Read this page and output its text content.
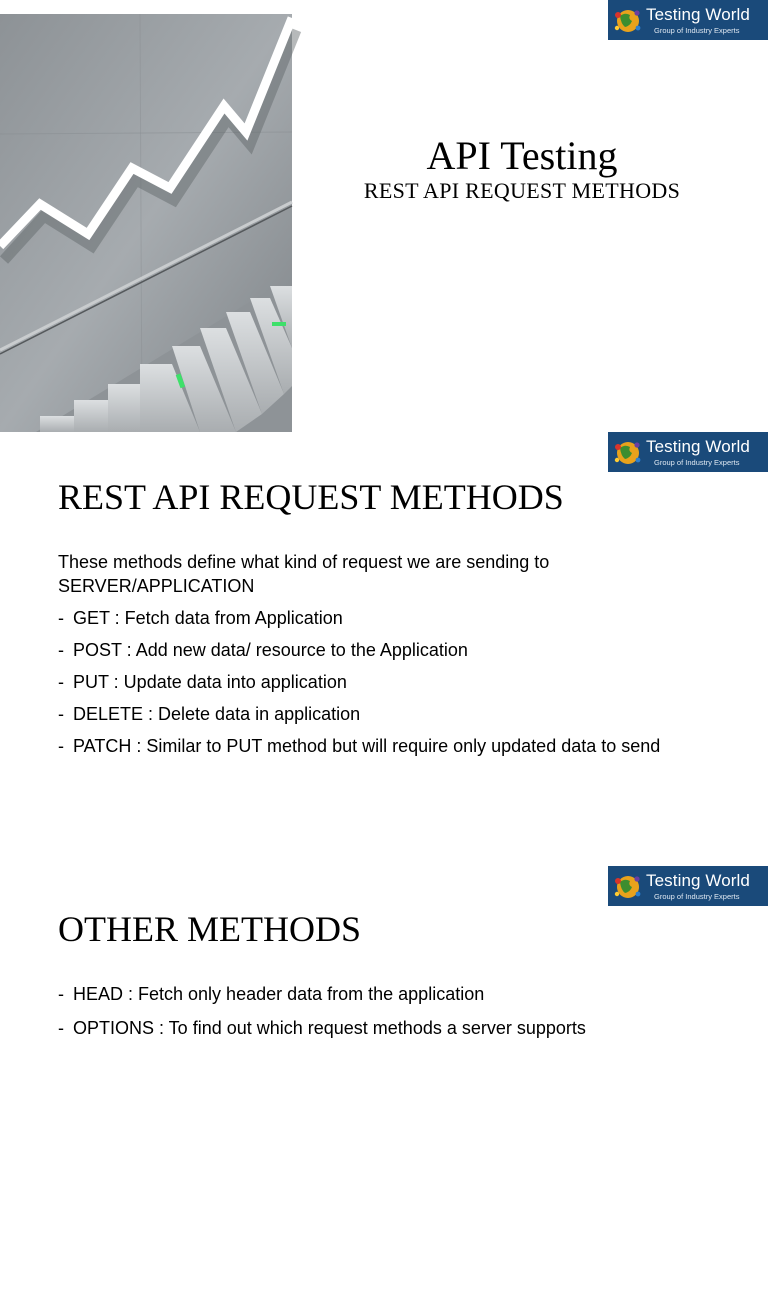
Testing World
Group of Industry Experts
API Testing
REST API REQUEST METHODS
Testing World
Group of Industry Experts
REST API REQUEST METHODS

These methods define what kind of request we are sending to SERVER/APPLICATION

- GET : Fetch data from Application
- POST : Add new data/ resource to the Application
- PUT : Update data into application
- DELETE : Delete data in application
- PATCH : Similar to PUT method but will require only updated data to send
Testing World
Group of Industry Experts
OTHER METHODS
- HEAD : Fetch only header data from the application
- OPTIONS : To find out which request methods a server supports
